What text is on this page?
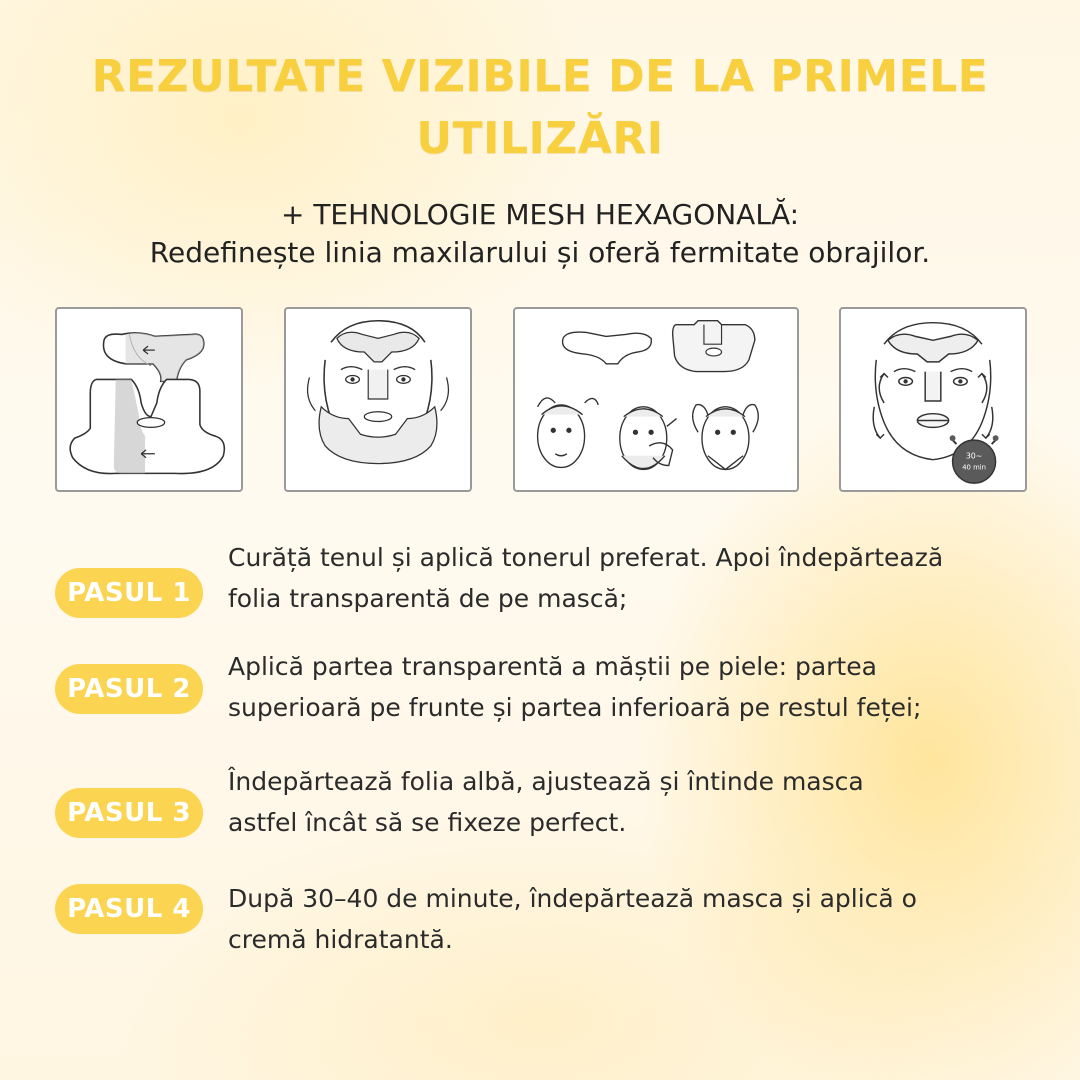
REZULTATE VIZIBILE DE LA PRIMELE
UTILIZĂRI
+ TEHNOLOGIE MESH HEXAGONALĂ:
Redefinește linia maxilarului și oferă fermitate obrajilor.
30~
40 min
PASUL 1
Curăță tenul și aplică tonerul preferat. Apoi îndepărtează
folia transparentă de pe mască;
PASUL 2
Aplică partea transparentă a măștii pe piele: partea
superioară pe frunte și partea inferioară pe restul feței;
PASUL 3
Îndepărtează folia albă, ajustează și întinde masca
astfel încât să se fixeze perfect.
PASUL 4	După 30–40 de minute, îndepărtează masca și aplică o
cremă hidratantă.
